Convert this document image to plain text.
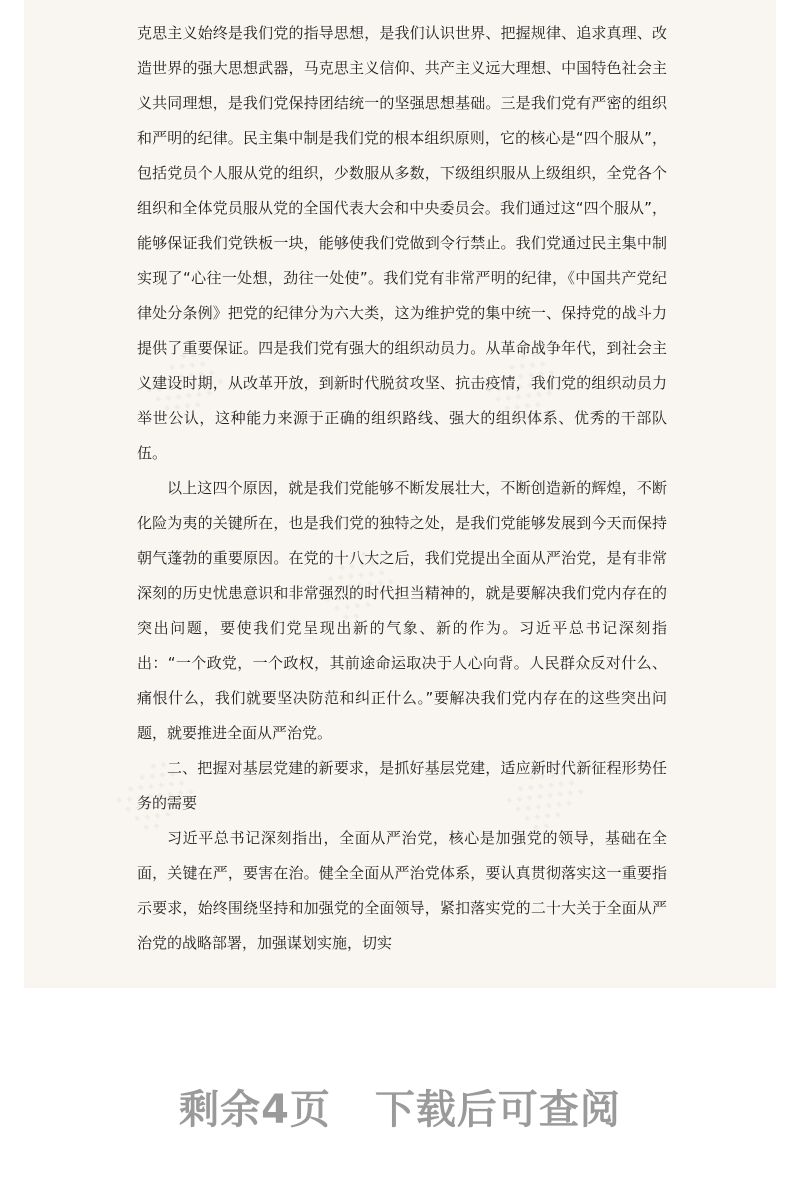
克思主义始终是我们党的指导思想，是我们认识世界、把握规律、追求真理、改造世界的强大思想武器，马克思主义信仰、共产主义远大理想、中国特色社会主义共同理想，是我们党保持团结统一的坚强思想基础。三是我们党有严密的组织和严明的纪律。民主集中制是我们党的根本组织原则，它的核心是“四个服从”，包括党员个人服从党的组织，少数服从多数，下级组织服从上级组织，全党各个组织和全体党员服从党的全国代表大会和中央委员会。我们通过这“四个服从”，能够保证我们党铁板一块，能够使我们党做到令行禁止。我们党通过民主集中制实现了“心往一处想，劲往一处使”。我们党有非常严明的纪律，《中国共产党纪律处分条例》把党的纪律分为六大类，这为维护党的集中统一、保持党的战斗力提供了重要保证。四是我们党有强大的组织动员力。从革命战争年代，到社会主义建设时期，从改革开放，到新时代脱贫攻坚、抗击疫情，我们党的组织动员力举世公认，这种能力来源于正确的组织路线、强大的组织体系、优秀的干部队伍。

以上这四个原因，就是我们党能够不断发展壮大，不断创造新的辉煌，不断化险为夷的关键所在，也是我们党的独特之处，是我们党能够发展到今天而保持朝气蓬勃的重要原因。在党的十八大之后，我们党提出全面从严治党，是有非常深刻的历史忧患意识和非常强烈的时代担当精神的，就是要解决我们党内存在的突出问题，要使我们党呈现出新的气象、新的作为。习近平总书记深刻指出：“一个政党，一个政权，其前途命运取决于人心向背。人民群众反对什么、痛恨什么，我们就要坚决防范和纠正什么。”要解决我们党内存在的这些突出问题，就要推进全面从严治党。

二、把握对基层党建的新要求，是抓好基层党建，适应新时代新征程形势任务的需要

习近平总书记深刻指出，全面从严治党，核心是加强党的领导，基础在全面，关键在严，要害在治。健全全面从严治党体系，要认真贯彻落实这一重要指示要求，始终围绕坚持和加强党的全面领导，紧扣落实党的二十大关于全面从严治党的战略部署，加强谋划实施，切实

剩余4页 下载后可查阅
